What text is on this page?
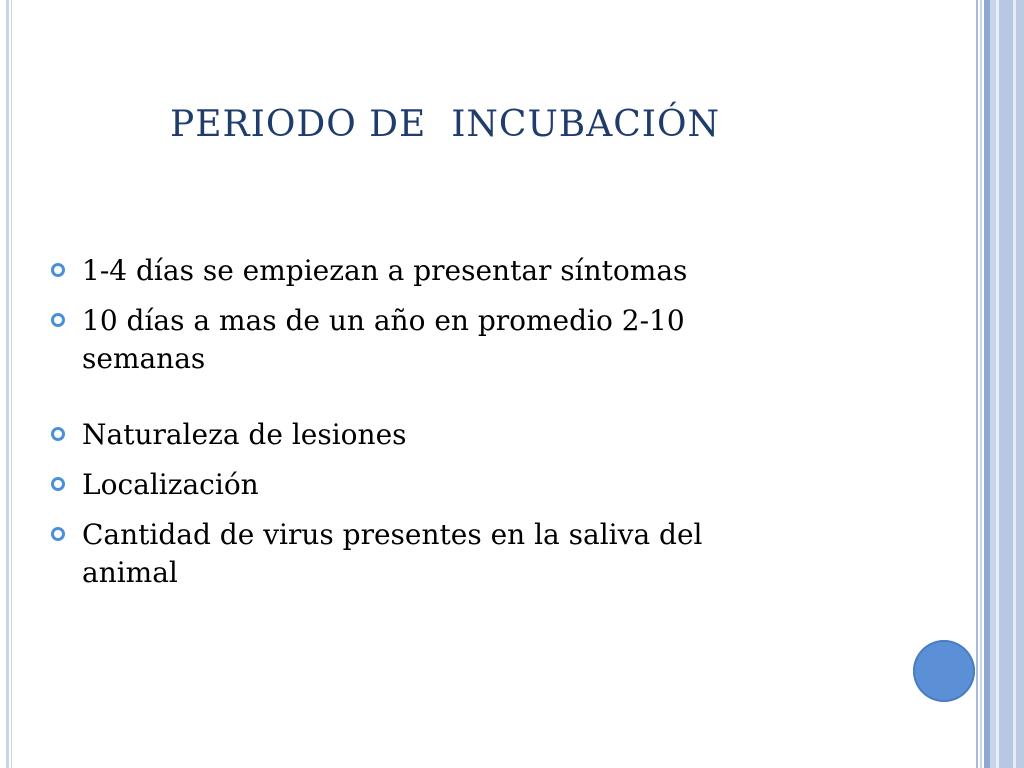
PERIODO DE  INCUBACIÓN
1-4 días se empiezan a presentar síntomas
10 días a mas de un año en promedio 2-10 semanas
Naturaleza de lesiones
Localización
Cantidad de virus presentes en la saliva del animal
